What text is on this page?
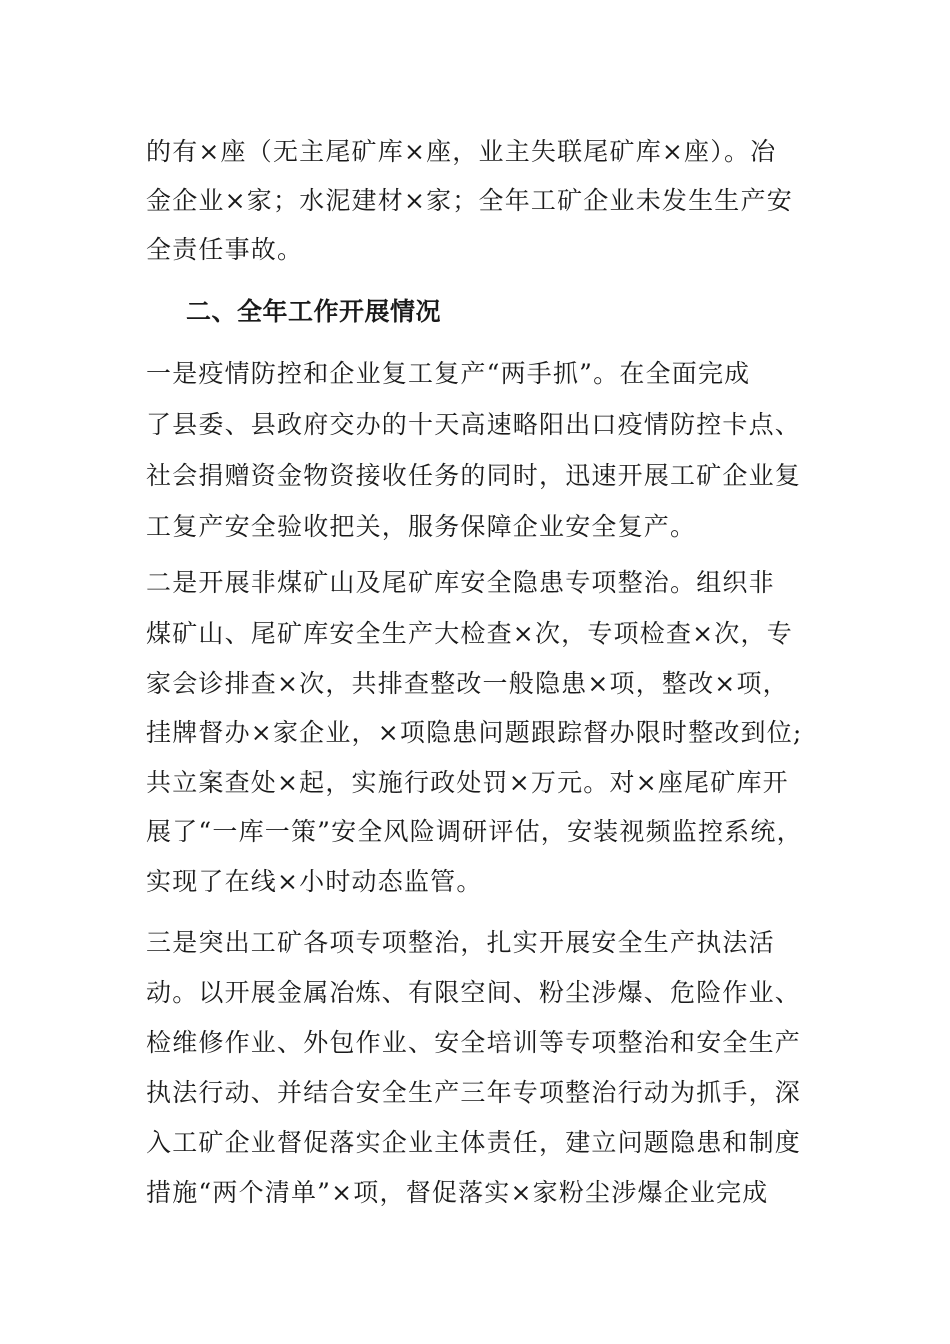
的有×座（无主尾矿库×座，业主失联尾矿库×座）。冶
金企业×家；水泥建材×家；全年工矿企业未发生生产安
全责任事故。
二、全年工作开展情况
一是疫情防控和企业复工复产“两手抓”。在全面完成
了县委、县政府交办的十天高速略阳出口疫情防控卡点、
社会捐赠资金物资接收任务的同时，迅速开展工矿企业复
工复产安全验收把关，服务保障企业安全复产。
二是开展非煤矿山及尾矿库安全隐患专项整治。组织非
煤矿山、尾矿库安全生产大检查×次，专项检查×次，专
家会诊排查×次，共排查整改一般隐患×项，整改×项，
挂牌督办×家企业，×项隐患问题跟踪督办限时整改到位;
共立案查处×起，实施行政处罚×万元。对×座尾矿库开
展了“一库一策”安全风险调研评估，安装视频监控系统，
实现了在线×小时动态监管。
三是突出工矿各项专项整治，扎实开展安全生产执法活
动。以开展金属冶炼、有限空间、粉尘涉爆、危险作业、
检维修作业、外包作业、安全培训等专项整治和安全生产
执法行动、并结合安全生产三年专项整治行动为抓手，深
入工矿企业督促落实企业主体责任，建立问题隐患和制度
措施“两个清单”×项，督促落实×家粉尘涉爆企业完成
